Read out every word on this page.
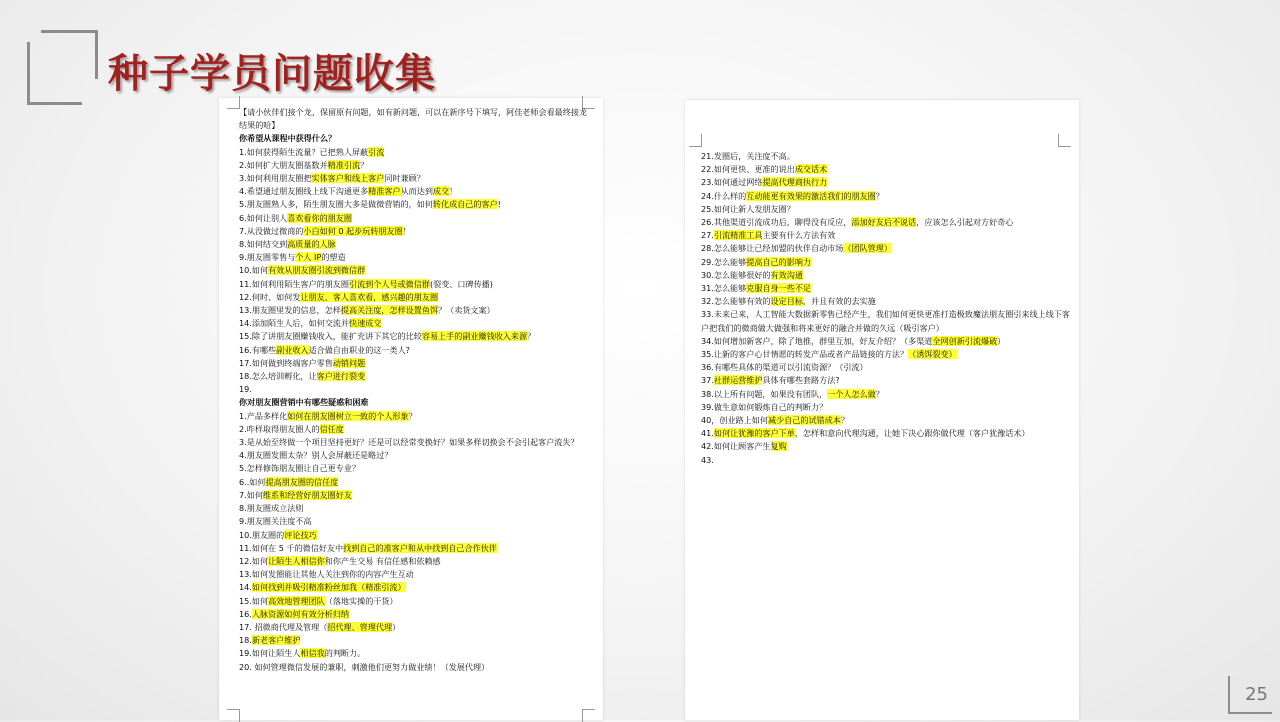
种子学员问题收集
【请小伙伴们接个龙，保留原有问题，如有新问题，可以在新序号下填写，阿佳老师会看最终接龙结果的哈】
你希望从课程中获得什么？
1.如何获得陌生流量？已把熟人屏蔽引流
2.如何扩大朋友圈基数并精准引流？
3.如何利用朋友圈把实体客户和线上客户同时兼顾？
4.希望通过朋友圈线上线下沟通更多精准客户从而达到成交！
5.朋友圈熟人多，陌生朋友圈大多是做微营销的，如何转化成自己的客户!
6.如何让别人喜欢看你的朋友圈
7.从没做过微商的小白如何 0 起步玩转朋友圈！
8.如何结交到高质量的人脉
9.朋友圈零售与个人 IP的塑造
10.如何有效从朋友圈引流到微信群
11.如何利用陌生客户的朋友圈引流到个人号或微信群(裂变、口碑传播)
12.何时、如何发让朋友、客人喜欢看，感兴趣的朋友圈
13.朋友圈里发的信息，怎样提高关注度，怎样设置鱼饵？（卖货文案）
14.添加陌生人后，如何交流并快速成交
15.除了讲朋友圈赚钱收入，能扩充讲下其它的比较容易上手的副业赚钱收入来源？
16.有哪些副业收入适合做自由职业的这一类人?
17.如何做到终端客户零售动销问题
18.怎么培训孵化，让客户进行裂变
19.
你对朋友圈营销中有哪些疑惑和困难
1.产品多样化如何在朋友圈树立一致的个人形象？
2.咋样取得朋友圈人的信任度
3.是从始至终做一个项目坚持更好？还是可以经常变换好？如果多样切换会不会引起客户流失？
4.朋友圈发圈太杂？别人会屏蔽还是略过？
5.怎样修饰朋友圈让自己更专业？
6..如何提高朋友圈的信任度
7.如何维系和经营好朋友圈好友
8.朋友圈成立法则
9.朋友圈关注度不高
10.朋友圈的评论技巧
11.如何在 5 千的微信好友中找到自己的准客户和从中找到自己合作伙伴
12.如何让陌生人相信你和你产生交易 有信任感和依赖感
13.如何发圈能让其他人关注到你的内容产生互动
14.如何找到并吸引精准粉丝加我（精准引流）
15.如何高效地管理团队（落地实操的干货）
16.人脉资源如何有效分析归纳
17. 招微商代理及管理（招代理、管理代理）
18.新老客户维护
19.如何让陌生人相信我的判断力。
20. 如何管理微信发展的兼职，刺激他们更努力做业绩！（发展代理）
21.发圈后，关注度不高。
22.如何更快、更准的说出成交话术
23.如何通过网络提高代理商执行力
24.什么样的互动能更有效果的激活我们的朋友圈？
25.如何让新人发朋友圈？
26.其他渠道引流成功后，聊得没有反应，添加好友后不说话，应该怎么引起对方好奇心
27.引流精准工具主要有什么方法有效
28.怎么能够让已经加盟的伙伴自动市场（团队管理）
29.怎么能够提高自己的影响力
30.怎么能够很好的有效沟通
31.怎么能够克服自身一些不足
32.怎么能够有效的设定目标，并且有效的去实施
33.未来已来，人工智能大数据新零售已经产生，我们如何更快更准打造极致魔法朋友圈引来线上线下客户把我们的微商做大做强和将来更好的融合并做的久远（吸引客户）
34.如何增加新客户，除了地推，群里互加，好友介绍？（多渠道全网创新引流爆破）
35.让新的客户心甘情愿的转发产品或者产品链接的方法？（诱饵裂变）
36.有哪些具体的渠道可以引流资源？（引流）
37.社群运营维护具体有哪些套路方法?
38.以上所有问题，如果没有团队，一个人怎么做？
39.做生意如何锻炼自己的判断力？
40，创业路上如何减少自己的试错成本？
41.如何让犹豫的客户下单，怎样和意向代理沟通，让她下决心跟你做代理（客户犹豫话术）
42.如何让顾客产生复购
43.
25
